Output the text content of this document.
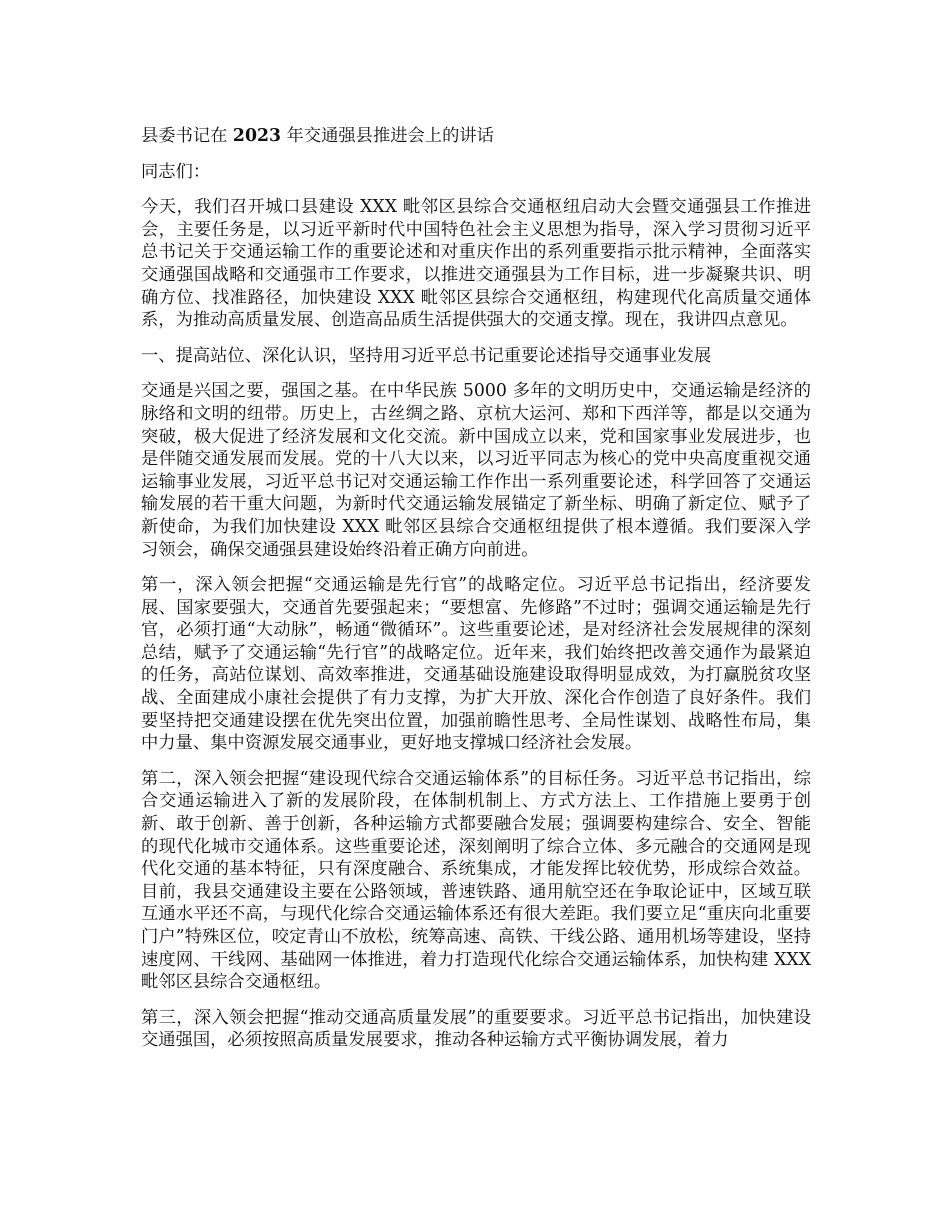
县委书记在 2023 年交通强县推进会上的讲话

同志们：

今天，我们召开城口县建设 XXX 毗邻区县综合交通枢纽启动大会暨交通强县工作推进会，主要任务是，以习近平新时代中国特色社会主义思想为指导，深入学习贯彻习近平总书记关于交通运输工作的重要论述和对重庆作出的系列重要指示批示精神，全面落实交通强国战略和交通强市工作要求，以推进交通强县为工作目标，进一步凝聚共识、明确方位、找准路径，加快建设 XXX 毗邻区县综合交通枢纽，构建现代化高质量交通体系，为推动高质量发展、创造高品质生活提供强大的交通支撑。现在，我讲四点意见。

一、提高站位、深化认识，坚持用习近平总书记重要论述指导交通事业发展

交通是兴国之要，强国之基。在中华民族 5000 多年的文明历史中，交通运输是经济的脉络和文明的纽带。历史上，古丝绸之路、京杭大运河、郑和下西洋等，都是以交通为突破，极大促进了经济发展和文化交流。新中国成立以来，党和国家事业发展进步，也是伴随交通发展而发展。党的十八大以来，以习近平同志为核心的党中央高度重视交通运输事业发展，习近平总书记对交通运输工作作出一系列重要论述，科学回答了交通运输发展的若干重大问题，为新时代交通运输发展锚定了新坐标、明确了新定位、赋予了新使命，为我们加快建设 XXX 毗邻区县综合交通枢纽提供了根本遵循。我们要深入学习领会，确保交通强县建设始终沿着正确方向前进。

第一，深入领会把握“交通运输是先行官”的战略定位。习近平总书记指出，经济要发展、国家要强大，交通首先要强起来；“要想富、先修路”不过时；强调交通运输是先行官，必须打通“大动脉”，畅通“微循环”。这些重要论述，是对经济社会发展规律的深刻总结，赋予了交通运输“先行官”的战略定位。近年来，我们始终把改善交通作为最紧迫的任务，高站位谋划、高效率推进，交通基础设施建设取得明显成效，为打赢脱贫攻坚战、全面建成小康社会提供了有力支撑，为扩大开放、深化合作创造了良好条件。我们要坚持把交通建设摆在优先突出位置，加强前瞻性思考、全局性谋划、战略性布局，集中力量、集中资源发展交通事业，更好地支撑城口经济社会发展。

第二，深入领会把握“建设现代综合交通运输体系”的目标任务。习近平总书记指出，综合交通运输进入了新的发展阶段，在体制机制上、方式方法上、工作措施上要勇于创新、敢于创新、善于创新，各种运输方式都要融合发展；强调要构建综合、安全、智能的现代化城市交通体系。这些重要论述，深刻阐明了综合立体、多元融合的交通网是现代化交通的基本特征，只有深度融合、系统集成，才能发挥比较优势，形成综合效益。目前，我县交通建设主要在公路领域，普速铁路、通用航空还在争取论证中，区域互联互通水平还不高，与现代化综合交通运输体系还有很大差距。我们要立足“重庆向北重要门户”特殊区位，咬定青山不放松，统筹高速、高铁、干线公路、通用机场等建设，坚持速度网、干线网、基础网一体推进，着力打造现代化综合交通运输体系，加快构建 XXX 毗邻区县综合交通枢纽。

第三，深入领会把握“推动交通高质量发展”的重要要求。习近平总书记指出，加快建设交通强国，必须按照高质量发展要求，推动各种运输方式平衡协调发展，着力
